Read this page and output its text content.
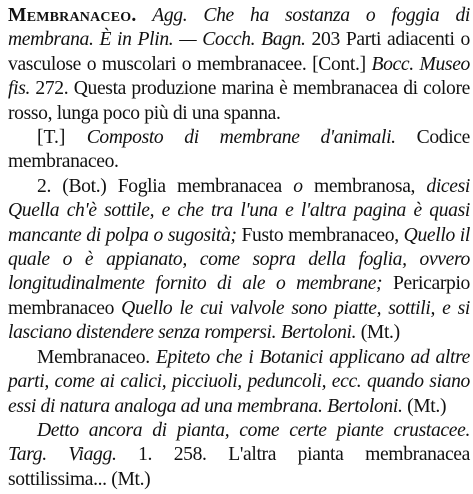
Membranaceo. Agg. Che ha sostanza o foggia di membrana. È in Plin. — Cocch. Bagn. 203 Parti adiacenti o vasculose o muscolari o membranacee. [Cont.] Bocc. Museo fis. 272. Questa produzione marina è membranacea di colore rosso, lunga poco più di una spanna.

[T.] Composto di membrane d'animali. Codice membranaceo.

2. (Bot.) Foglia membranacea o membranosa, dicesi Quella ch'è sottile, e che tra l'una e l'altra pagina è quasi mancante di polpa o sugosità; Fusto membranaceo, Quello il quale o è appianato, come sopra della foglia, ovvero longitudinalmente fornito di ale o membrane; Pericarpio membranaceo Quello le cui valvole sono piatte, sottili, e si lasciano distendere senza rompersi. Bertoloni. (Mt.)

Membranaceo. Epiteto che i Botanici applicano ad altre parti, come ai calici, picciuoli, peduncoli, ecc. quando siano essi di natura analoga ad una membrana. Bertoloni. (Mt.)

Detto ancora di pianta, come certe piante crustacee. Targ. Viagg. 1. 258. L'altra pianta membranacea sottilissima... (Mt.)
